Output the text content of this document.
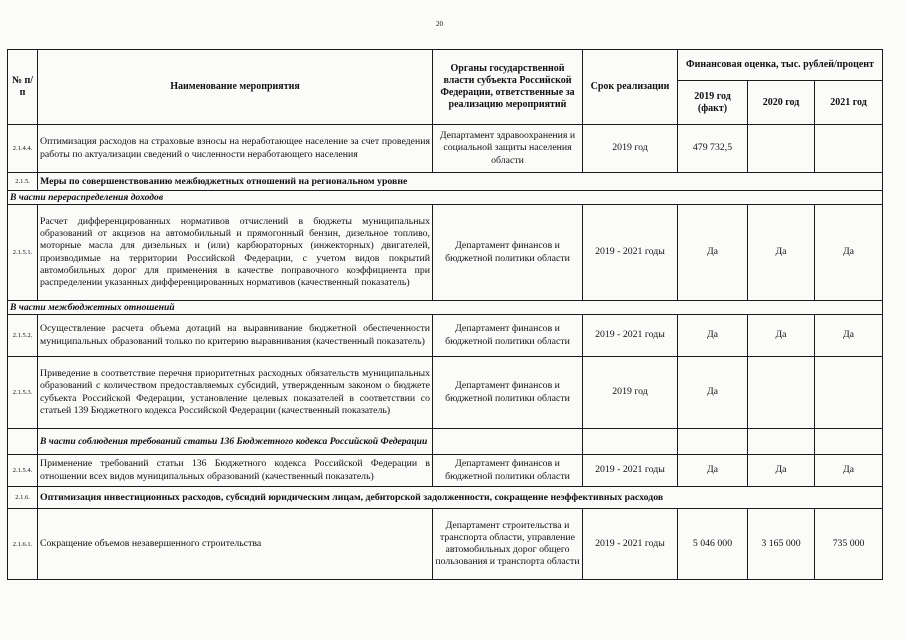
20
№ п/п	Наименование мероприятия	Органы государственной власти субъекта Российской Федерации, ответственные за реализацию мероприятий	Срок реализации	Финансовая оценка, тыс. рублей/процент		
				2019 год (факт)	2020 год	2021 год
2.1.4.4.	Оптимизация расходов на страховые взносы на неработающее население за счет проведения работы по актуализации сведений о численности неработающего населения	Департамент здравоохранения и социальной защиты населения области	2019 год	479 732,5		
2.1.5.	Меры по совершенствованию межбюджетных отношений на региональном уровне					
В части перераспределения доходов						
2.1.5.1.	Расчет дифференцированных нормативов отчислений в бюджеты муниципальных образований от акцизов на автомобильный и прямогонный бензин, дизельное топливо, моторные масла для дизельных и (или) карбюраторных (инжекторных) двигателей, производимые на территории Российской Федерации, с учетом видов покрытий автомобильных дорог для применения в качестве поправочного коэффициента при распределении указанных дифференцированных нормативов (качественный показатель)	Департамент финансов и бюджетной политики области	2019 - 2021 годы	Да	Да	Да
В части межбюджетных отношений						
2.1.5.2.	Осуществление расчета объема дотаций на выравнивание бюджетной обеспеченности муниципальных образований только по критерию выравнивания (качественный показатель)	Департамент финансов и бюджетной политики области	2019 - 2021 годы	Да	Да	Да
2.1.5.3.	Приведение в соответствие перечня приоритетных расходных обязательств муниципальных образований с количеством предоставляемых субсидий, утвержденным законом о бюджете субъекта Российской Федерации, установление целевых показателей в соответствии со статьей 139 Бюджетного кодекса Российской Федерации (качественный показатель)	Департамент финансов и бюджетной политики области	2019 год	Да		
	В части соблюдения требований статьи 136 Бюджетного кодекса Российской Федерации					
2.1.5.4.	Применение требований статьи 136 Бюджетного кодекса Российской Федерации в отношении всех видов муниципальных образований (качественный показатель)	Департамент финансов и бюджетной политики области	2019 - 2021 годы	Да	Да	Да
2.1.6.	Оптимизация инвестиционных расходов, субсидий юридическим лицам, дебиторской задолженности, сокращение неэффективных расходов					
2.1.6.1.	Сокращение объемов незавершенного строительства	Департамент строительства и транспорта области, управление автомобильных дорог общего пользования и транспорта области	2019 - 2021 годы	5 046 000	3 165 000	735 000
